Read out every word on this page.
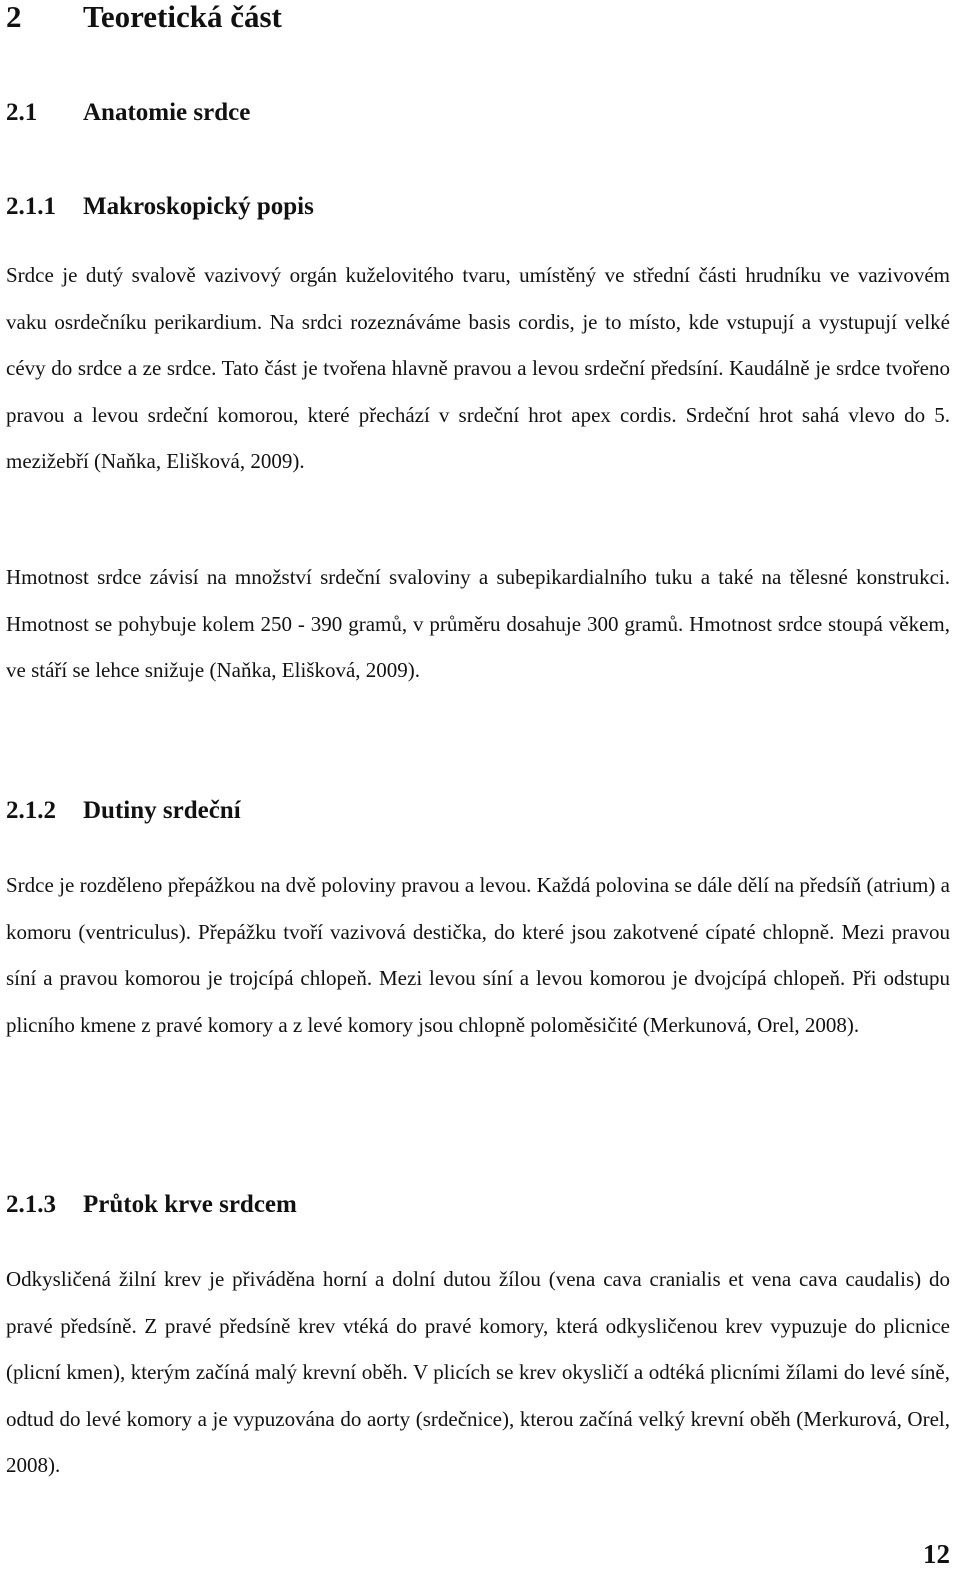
2 Teoretická část
2.1 Anatomie srdce
2.1.1 Makroskopický popis

Srdce je dutý svalově vazivový orgán kuželovitého tvaru, umístěný ve střední části hrudníku ve vazivovém vaku osrdečníku perikardium. Na srdci rozeznáváme basis cordis, je to místo, kde vstupují a vystupují velké cévy do srdce a ze srdce. Tato část je tvořena hlavně pravou a levou srdeční předsíní. Kaudálně je srdce tvořeno pravou a levou srdeční komorou, které přechází v srdeční hrot apex cordis. Srdeční hrot sahá vlevo do 5. mezižebří (Naňka, Elišková, 2009).

Hmotnost srdce závisí na množství srdeční svaloviny a subepikardialního tuku a také na tělesné konstrukci. Hmotnost se pohybuje kolem 250 - 390 gramů, v průměru dosahuje 300 gramů. Hmotnost srdce stoupá věkem, ve stáří se lehce snižuje (Naňka, Elišková, 2009).

2.1.2 Dutiny srdeční

Srdce je rozděleno přepážkou na dvě poloviny pravou a levou. Každá polovina se dále dělí na předsíň (atrium) a komoru (ventriculus). Přepážku tvoří vazivová destička, do které jsou zakotvené cípaté chlopně. Mezi pravou síní a pravou komorou je trojcípá chlopeň. Mezi levou síní a levou komorou je dvojcípá chlopeň. Při odstupu plicního kmene z pravé komory a z levé komory jsou chlopně poloměsičité (Merkunová, Orel, 2008).

2.1.3 Průtok krve srdcem

Odkysličená žilní krev je přiváděna horní a dolní dutou žílou (vena cava cranialis et vena cava caudalis) do pravé předsíně. Z pravé předsíně krev vtéká do pravé komory, která odkysličenou krev vypuzuje do plicnice (plicní kmen), kterým začíná malý krevní oběh. V plicích se krev okysličí a odtéká plicními žílami do levé síně, odtud do levé komory a je vypuzována do aorty (srdečnice), kterou začíná velký krevní oběh (Merkurová, Orel, 2008).

12
